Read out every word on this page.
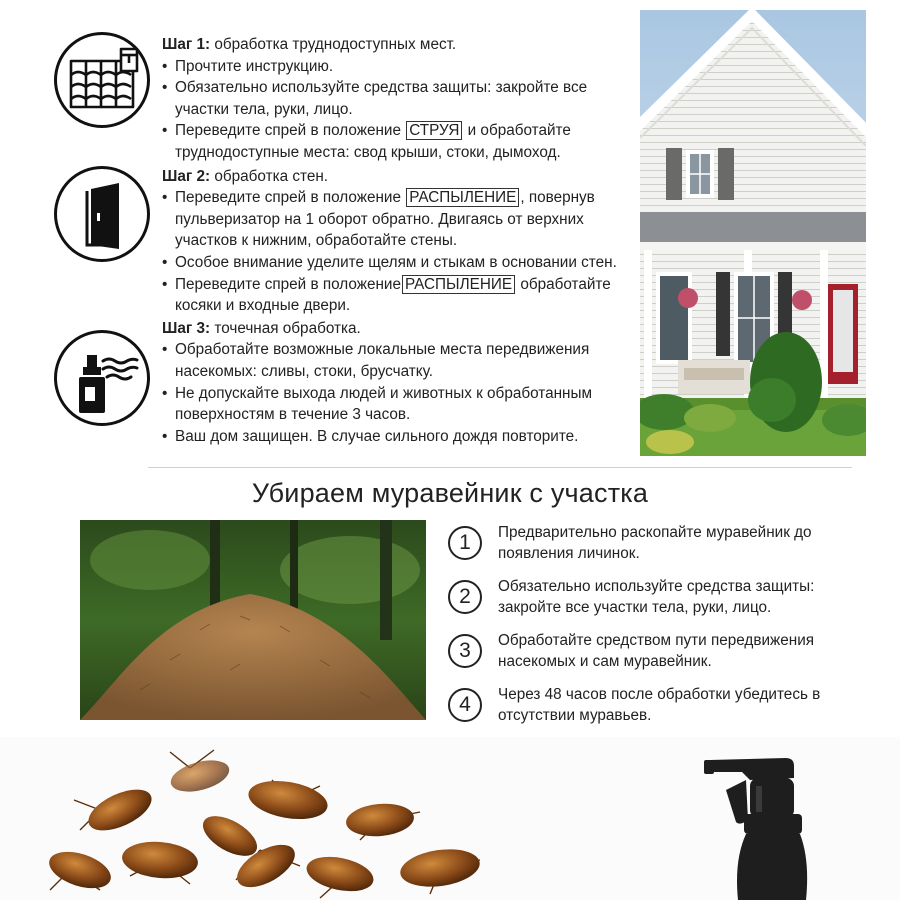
Шаг 1: обработка труднодоступных мест.
• Прочтите инструкцию.
• Обязательно используйте средства защиты: закройте все участки тела, руки, лицо.
• Переведите спрей в положение СТРУЯ и обработайте труднодоступные места: свод крыши, стоки, дымоход.
Шаг 2: обработка стен.
• Переведите спрей в положение РАСПЫЛЕНИЕ , повернув пульверизатор на 1 оборот обратно. Двигаясь от верхних участков к нижним, обработайте стены.
• Особое внимание уделите щелям и стыкам в основании стен.
• Переведите спрей в положение РАСПЫЛЕНИЕ обработайте косяки и входные двери.
Шаг 3: точечная обработка.
• Обработайте возможные локальные места передвижения насекомых: сливы, стоки, брусчатку.
• Не допускайте выхода людей и животных к обработанным поверхностям в течение 3 часов.
• Ваш дом защищен. В случае сильного дождя повторите.
Убираем муравейник с участка
1	Предварительно раскопайте муравейник до появления личинок.
2	Обязательно используйте средства защиты: закройте все участки тела, руки, лицо.
3	Обработайте средством пути передвижения насекомых и сам муравейник.
4	Через 48 часов после обработки убедитесь в отсутствии муравьев.
